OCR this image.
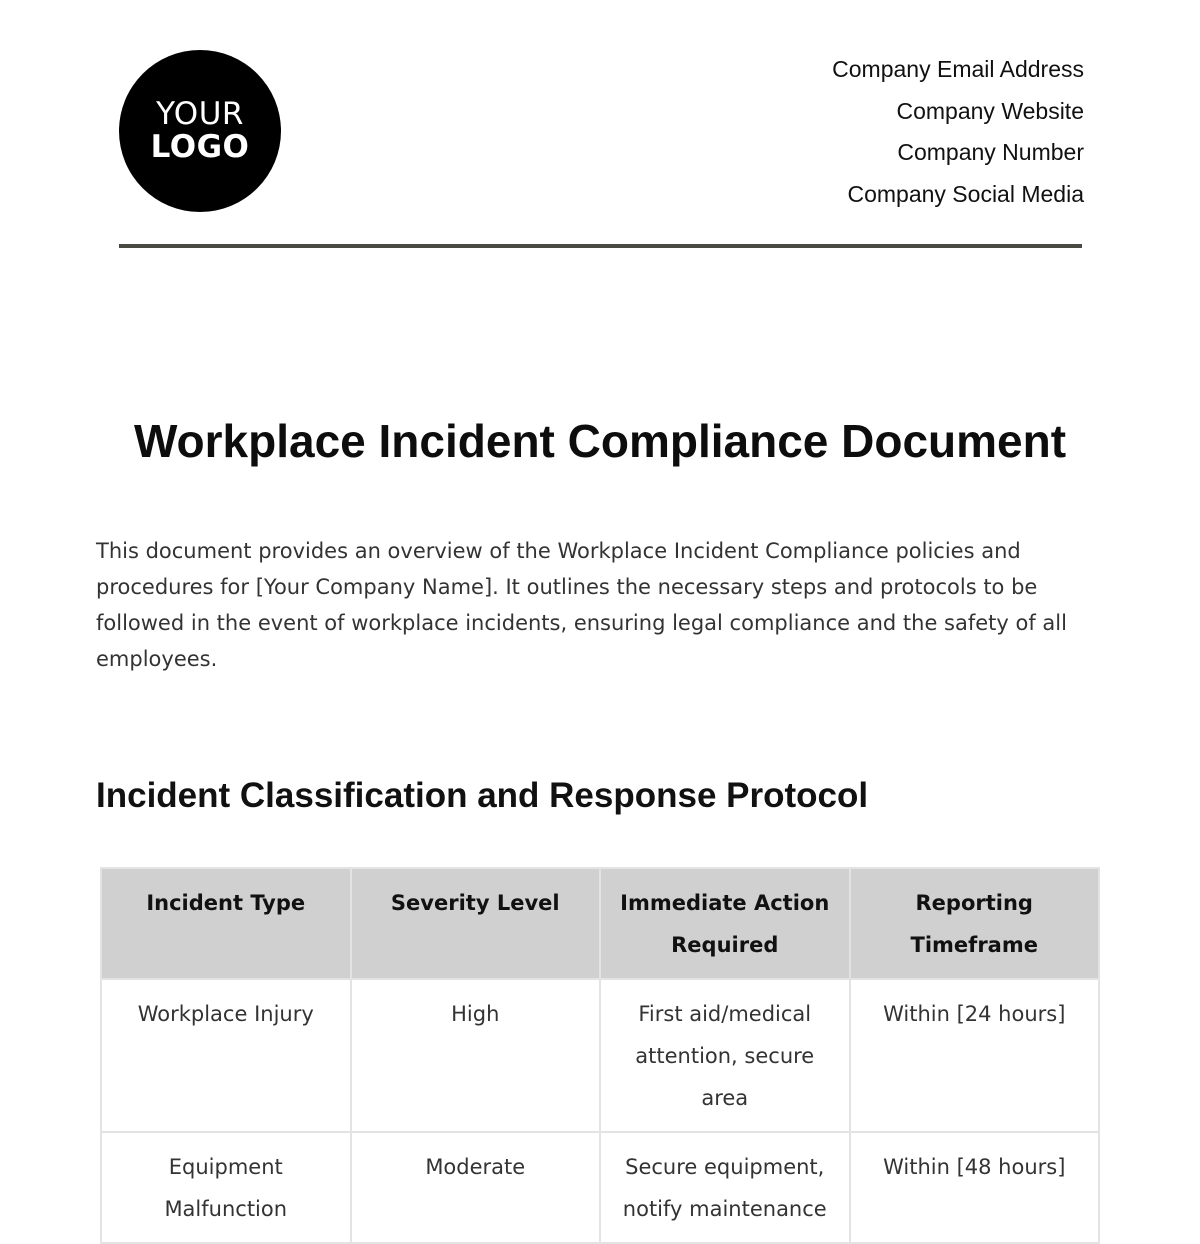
YOUR
LOGO
Company Email Address
Company Website
Company Number
Company Social Media
Workplace Incident Compliance Document

This document provides an overview of the Workplace Incident Compliance policies and procedures for [Your Company Name]. It outlines the necessary steps and protocols to be followed in the event of workplace incidents, ensuring legal compliance and the safety of all employees.

Incident Classification and Response Protocol
Incident Type	Severity Level	Immediate Action Required	Reporting Timeframe
Workplace Injury	High	First aid/medical attention, secure area	Within [24 hours]
Equipment Malfunction	Moderate	Secure equipment, notify maintenance	Within [48 hours]
